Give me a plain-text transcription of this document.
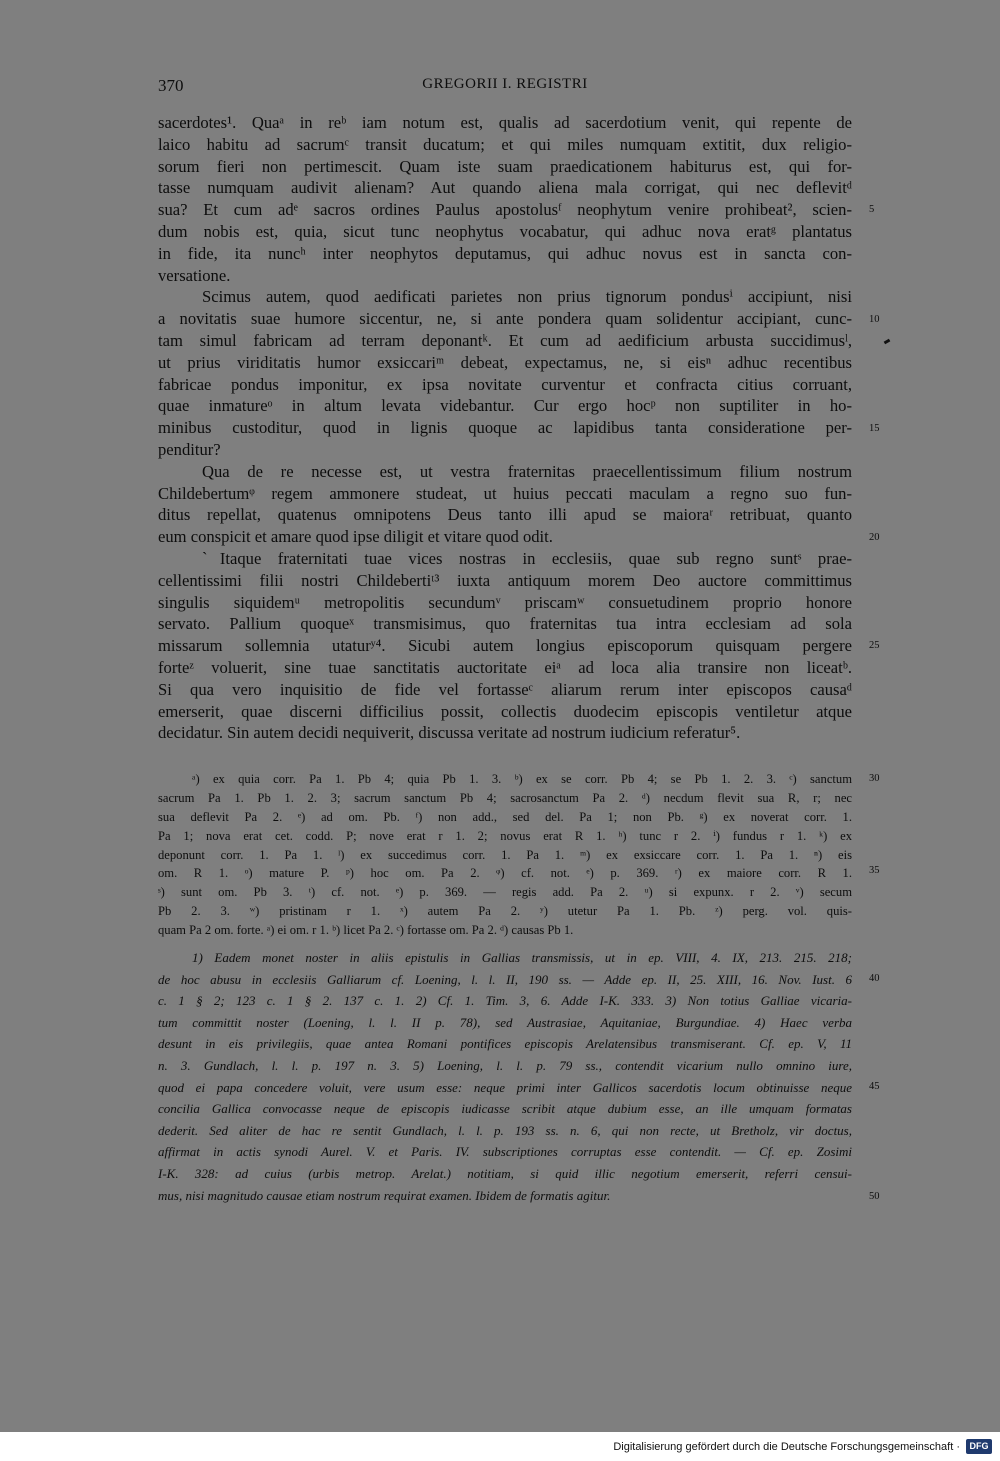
370	GREGORII I. REGISTRI
sacerdotes¹. Quaᵃ in reᵇ iam notum est, qualis ad sacerdotium venit, qui repente de
laico habitu ad sacrumᶜ transit ducatum; et qui miles numquam extitit, dux religio-
sorum fieri non pertimescit. Quam iste suam praedicationem habiturus est, qui for-
tasse numquam audivit alienam? Aut quando aliena mala corrigat, qui nec deflevitᵈ
sua? Et cum adᵉ sacros ordines Paulus apostolusᶠ neophytum venire prohibeat², scien-
dum nobis est, quia, sicut tunc neophytus vocabatur, qui adhuc nova eratᵍ plantatus
in fide, ita nuncʰ inter neophytos deputamus, qui adhuc novus est in sancta con-
versatione.
Scimus autem, quod aedificati parietes non prius tignorum pondusⁱ accipiunt, nisi
a novitatis suae humore siccentur, ne, si ante pondera quam solidentur accipiant, cunc-
tam simul fabricam ad terram deponantᵏ. Et cum ad aedificium arbusta succidimusˡ,
ut prius viriditatis humor exsiccariᵐ debeat, expectamus, ne, si eisⁿ adhuc recentibus
fabricae pondus imponitur, ex ipsa novitate curventur et confracta citius corruant,
quae inmatureᵒ in altum levata videbantur. Cur ergo hocᵖ non suptiliter in ho-
minibus custoditur, quod in lignis quoque ac lapidibus tanta consideratione per-
penditur?
Qua de re necesse est, ut vestra fraternitas praecellentissimum filium nostrum
Childebertumᵠ regem ammonere studeat, ut huius peccati maculam a regno suo fun-
ditus repellat, quatenus omnipotens Deus tanto illi apud se maioraʳ retribuat, quanto
eum conspicit et amare quod ipse diligit et vitare quod odit.
ˋItaque fraternitati tuae vices nostras in ecclesiis, quae sub regno suntˢ prae-
cellentissimi filii nostri Childebertiᵗ³ iuxta antiquum morem Deo auctore committimus
singulis siquidemᵘ metropolitis secundumᵛ priscamʷ consuetudinem proprio honore
servato. Pallium quoqueˣ transmisimus, quo fraternitas tua intra ecclesiam ad sola
missarum sollemnia utaturʸ⁴. Sicubi autem longius episcoporum quisquam pergere
forteᶻ voluerit, sine tuae sanctitatis auctoritate eiᵃ ad loca alia transire non liceatᵇ.
Si qua vero inquisitio de fide vel fortasseᶜ aliarum rerum inter episcopos causaᵈ
emerserit, quae discerni difficilius possit, collectis duodecim episcopis ventiletur atque
decidatur. Sin autem decidi nequiverit, discussa veritate ad nostrum iudicium referatur⁵.
ᵃ) ex quia corr. Pa 1. Pb 4; quia Pb 1. 3. ᵇ) ex se corr. Pb 4; se Pb 1. 2. 3. ᶜ) sanctum
sacrum Pa 1. Pb 1. 2. 3; sacrum sanctum Pb 4; sacrosanctum Pa 2. ᵈ) necdum flevit sua R, r; nec
sua deflevit Pa 2. ᵉ) ad om. Pb. ᶠ) non add., sed del. Pa 1; non Pb. ᵍ) ex noverat corr. 1.
Pa 1; nova erat cet. codd. P; nove erat r 1. 2; novus erat R 1. ʰ) tunc r 2. ⁱ) fundus r 1. ᵏ) ex
deponunt corr. 1. Pa 1. ˡ) ex succedimus corr. 1. Pa 1. ᵐ) ex exsiccare corr. 1. Pa 1. ⁿ) eis
om. R 1. ᵒ) mature P. ᵖ) hoc om. Pa 2. ᵠ) cf. not. ᵉ) p. 369. ʳ) ex maiore corr. R 1.
ˢ) sunt om. Pb 3. ᵗ) cf. not. ᵉ) p. 369. — regis add. Pa 2. ᵘ) si expunx. r 2. ᵛ) secum
Pb 2. 3. ʷ) pristinam r 1. ˣ) autem Pa 2. ʸ) utetur Pa 1. Pb. ᶻ) perg. vol. quis-
quam Pa 2 om. forte. ᵃ) ei om. r 1. ᵇ) licet Pa 2. ᶜ) fortasse om. Pa 2. ᵈ) causas Pb 1.
1) Eadem monet noster in aliis epistulis in Gallias transmissis, ut in ep. VIII, 4. IX, 213. 215. 218;
de hoc abusu in ecclesiis Galliarum cf. Loening, l. l. II, 190 ss. — Adde ep. II, 25. XIII, 16. Nov. Iust. 6
c. 1 § 2; 123 c. 1 § 2. 137 c. 1. 2) Cf. 1. Tim. 3, 6. Adde I-K. 333. 3) Non totius Galliae vicaria-
tum committit noster (Loening, l. l. II p. 78), sed Austrasiae, Aquitaniae, Burgundiae. 4) Haec verba
desunt in eis privilegiis, quae antea Romani pontifices episcopis Arelatensibus transmiserant. Cf. ep. V, 11
n. 3. Gundlach, l. l. p. 197 n. 3. 5) Loening, l. l. p. 79 ss., contendit vicarium nullo omnino iure,
quod ei papa concedere voluit, vere usum esse: neque primi inter Gallicos sacerdotis locum obtinuisse neque
concilia Gallica convocasse neque de episcopis iudicasse scribit atque dubium esse, an ille umquam formatas
dederit. Sed aliter de hac re sentit Gundlach, l. l. p. 193 ss. n. 6, qui non recte, ut Bretholz, vir doctus,
affirmat in actis synodi Aurel. V. et Paris. IV. subscriptiones corruptas esse contendit. — Cf. ep. Zosimi
I-K. 328: ad cuius (urbis metrop. Arelat.) notitiam, si quid illic negotium emerserit, referri censui-
mus, nisi magnitudo causae etiam nostrum requirat examen. Ibidem de formatis agitur.
5
10
15
20
25
30
35
40
45
50
Digitalisierung gefördert durch die Deutsche Forschungsgemeinschaft ·	DFG
